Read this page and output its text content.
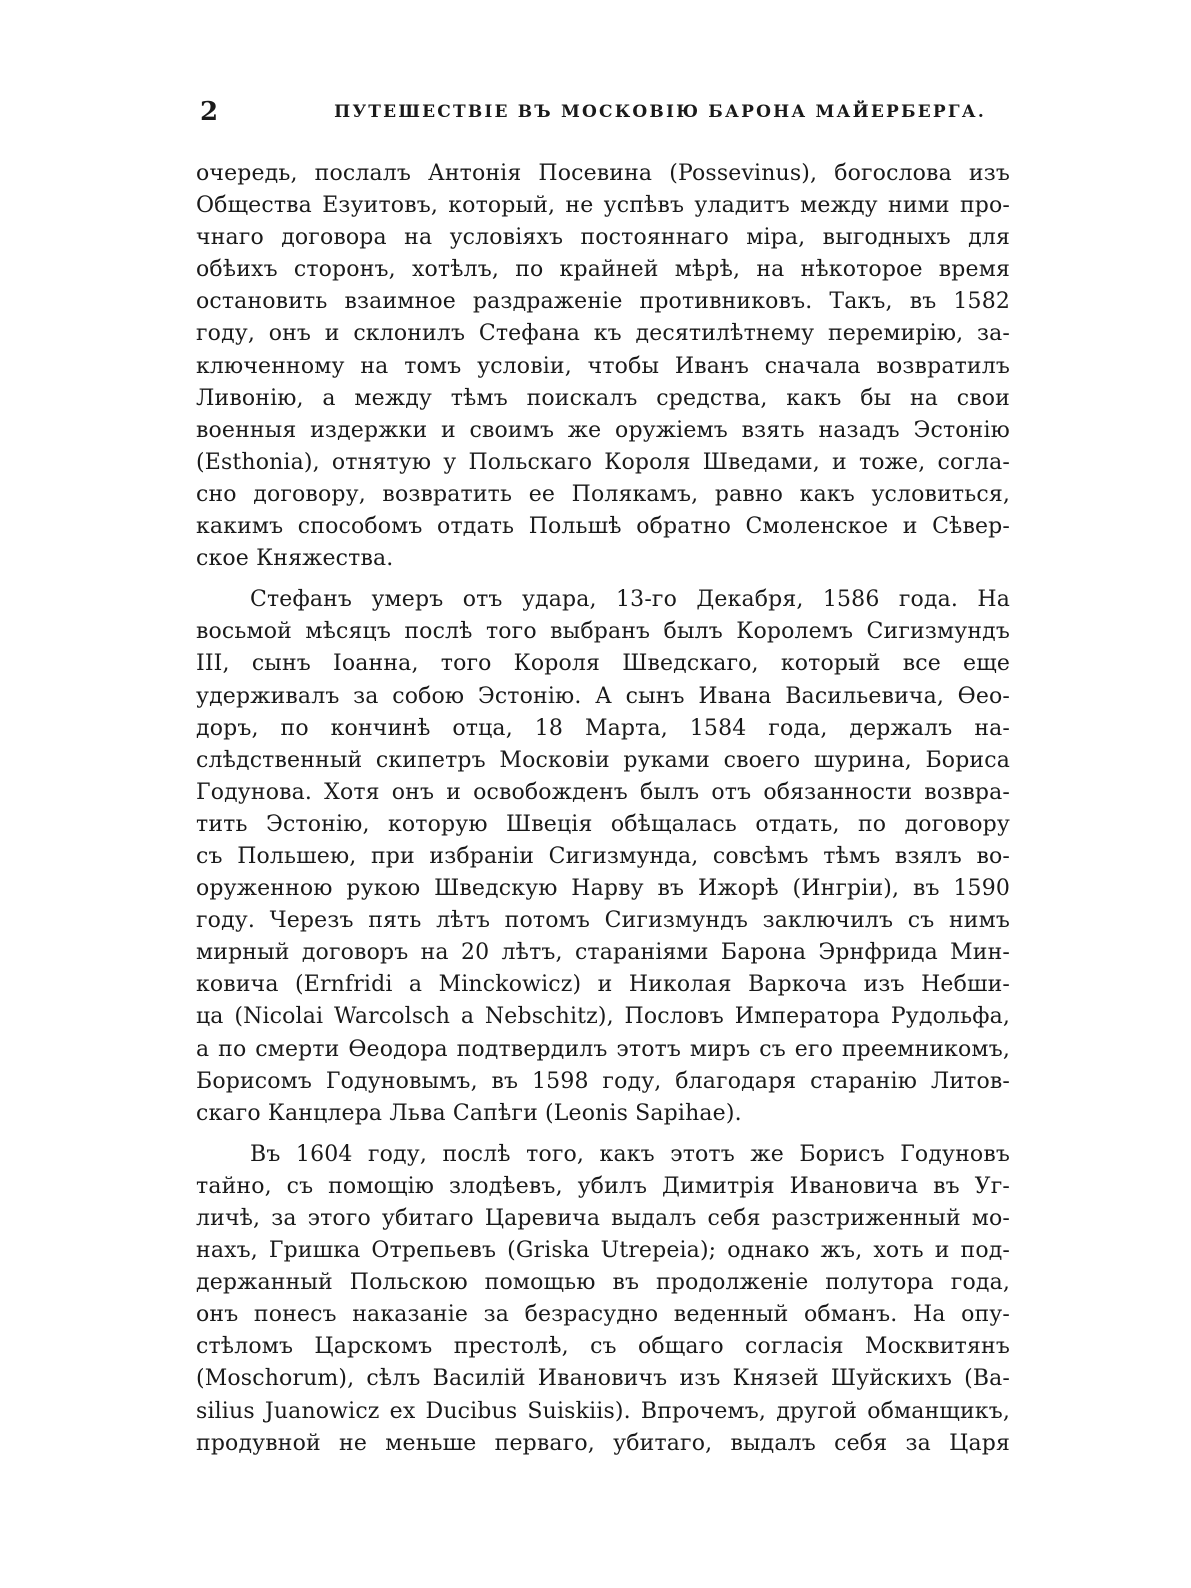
2	ПУТЕШЕСТВІЕ ВЪ МОСКОВІЮ БАРОНА МАЙЕРБЕРГА.
очередь, послалъ Антонія Посевина (Possevinus), богослова изъ
Общества Езуитовъ, который, не успѣвъ уладитъ между ними про-
чнаго договора на условіяхъ постояннаго міра, выгодныхъ для
обѣихъ сторонъ, хотѣлъ, по крайней мѣрѣ, на нѣкоторое время
остановить взаимное раздраженіе противниковъ. Такъ, въ 1582
году, онъ и склонилъ Стефана къ десятилѣтнему перемирію, за-
ключенному на томъ условіи, чтобы Иванъ сначала возвратилъ
Ливонію, а между тѣмъ поискалъ средства, какъ бы на свои
военныя издержки и своимъ же оружіемъ взять назадъ Эстонію
(Esthonia), отнятую у Польскаго Короля Шведами, и тоже, согла-
сно договору, возвратить ее Полякамъ, равно какъ условиться,
какимъ способомъ отдать Польшѣ обратно Смоленское и Сѣвер-
ское Княжества.
Стефанъ умеръ отъ удара, 13-го Декабря, 1586 года. На
восьмой мѣсяцъ послѣ того выбранъ былъ Королемъ Сигизмундъ
III, сынъ Іоанна, того Короля Шведскаго, который все еще
удерживалъ за собою Эстонію. А сынъ Ивана Васильевича, Ѳео-
доръ, по кончинѣ отца, 18 Марта, 1584 года, держалъ на-
слѣдственный скипетръ Московіи руками своего шурина, Бориса
Годунова. Хотя онъ и освобожденъ былъ отъ обязанности возвра-
тить Эстонію, которую Швеція обѣщалась отдать, по договору
съ Польшею, при избраніи Сигизмунда, совсѣмъ тѣмъ взялъ во-
оруженною рукою Шведскую Нарву въ Ижорѣ (Ингріи), въ 1590
году. Черезъ пять лѣтъ потомъ Сигизмундъ заключилъ съ нимъ
мирный договоръ на 20 лѣтъ, стараніями Барона Эрнфрида Мин-
ковича (Ernfridi a Minckowicz) и Николая Варкоча изъ Небши-
ца (Nicolai Warcolsch a Nebschitz), Пословъ Императора Рудольфа,
а по смерти Ѳеодора подтвердилъ этотъ миръ съ его преемникомъ,
Борисомъ Годуновымъ, въ 1598 году, благодаря старанію Литов-
скаго Канцлера Льва Сапѣги (Leonis Sapihae).
Въ 1604 году, послѣ того, какъ этотъ же Борисъ Годуновъ
тайно, съ помощію злодѣевъ, убилъ Димитрія Ивановича въ Уг-
личѣ, за этого убитаго Царевича выдалъ себя разстриженный мо-
нахъ, Гришка Отрепьевъ (Griska Utrepeia); однако жъ, хоть и под-
держанный Польскою помощью въ продолженіе полутора года,
онъ понесъ наказаніе за безрасудно веденный обманъ. На опу-
стѣломъ Царскомъ престолѣ, съ общаго согласія Москвитянъ
(Moschorum), сѣлъ Василій Ивановичъ изъ Князей Шуйскихъ (Ba-
silius Juanowicz ex Ducibus Suiskiis). Впрочемъ, другой обманщикъ,
продувной не меньше перваго, убитаго, выдалъ себя за Царя
